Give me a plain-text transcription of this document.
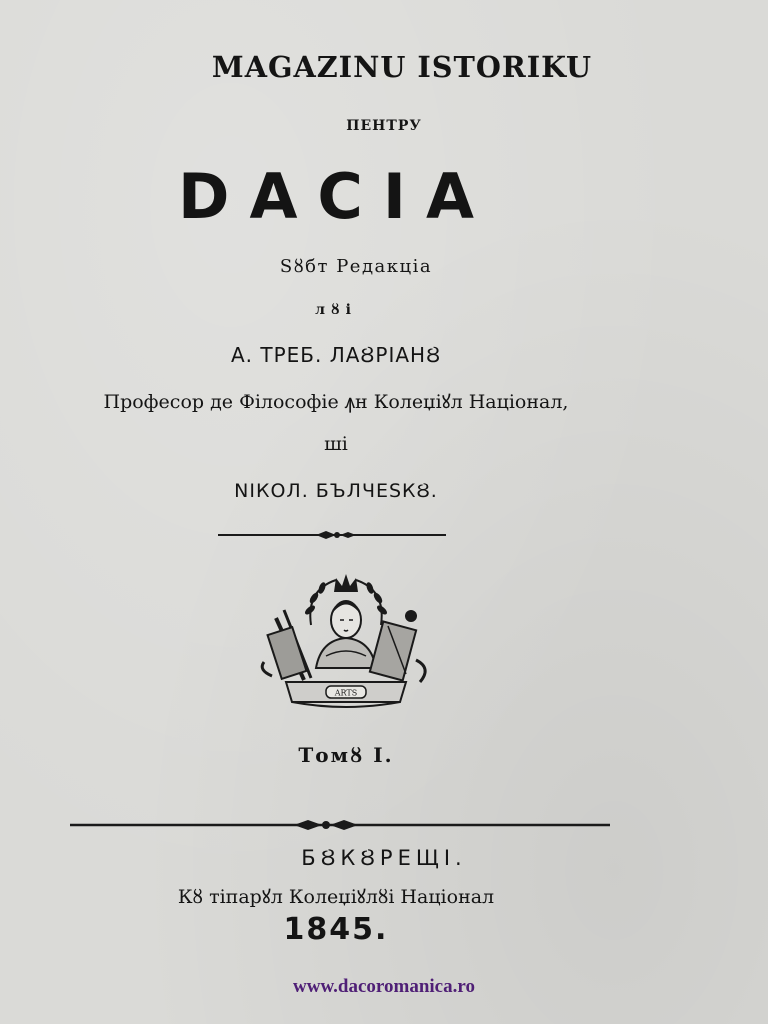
MAGAZINU ISTORIKU
ПЕНТРУ
DACIA
Sȣбт Редакціа
лȣі
А. ТРЕБ. ЛАȢРІАНȢ
Професор де Філософіе ꙟн Колеџіꙋл Націонал,
ші
NIКОЛ. БЪЛЧЕSКȢ.
ARTS
Томȣ I.
БȢКȢРЕЩІ.
Кȣ тіпарꙋл Колеџіꙋлȣі Націонал
1845.
www.dacoromanica.ro
